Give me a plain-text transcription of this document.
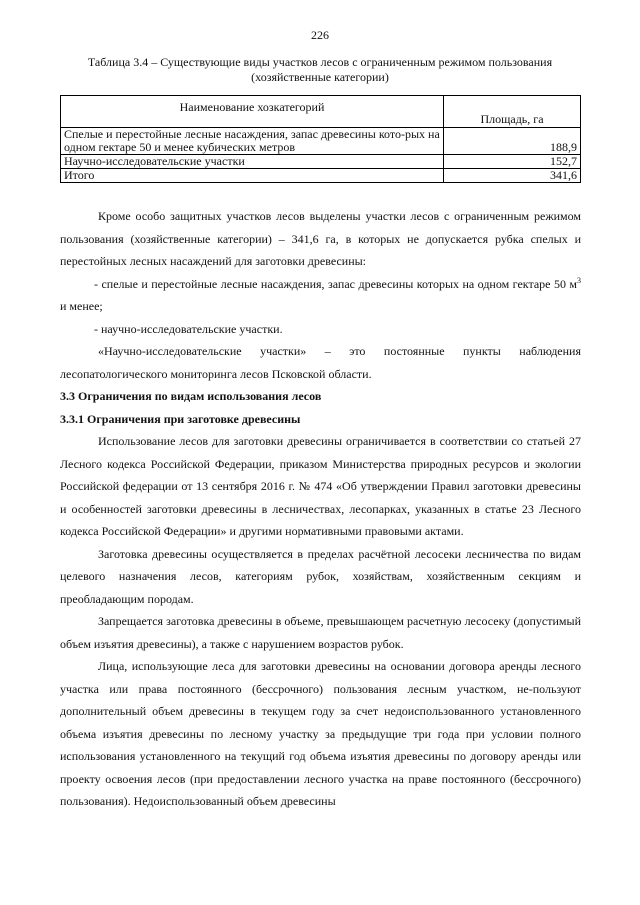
226
Таблица 3.4 – Существующие виды участков лесов с ограниченным режимом пользования (хозяйственные категории)
Наименование хозкатегорий	Площадь, га
Спелые и перестойные лесные насаждения, запас древесины кото-рых на одном гектаре 50 и менее кубических метров	188,9
Научно-исследовательские участки	152,7
Итого	341,6

Кроме особо защитных участков лесов выделены участки лесов с ограниченным режимом пользования (хозяйственные категории) – 341,6 га, в которых не допускается рубка спелых и перестойных лесных насаждений для заготовки древесины:

- спелые и перестойные лесные насаждения, запас древесины которых на одном гектаре 50 $м^3$ и менее;

- научно-исследовательские участки.

«Научно-исследовательские участки» – это постоянные пункты наблюдения лесопатологического мониторинга лесов Псковской области.

3.3 Ограничения по видам использования лесов

3.3.1 Ограничения при заготовке древесины

Использование лесов для заготовки древесины ограничивается в соответствии со статьей 27 Лесного кодекса Российской Федерации, приказом Министерства природных ресурсов и экологии Российской федерации от 13 сентября 2016 г. № 474 «Об утверждении Правил заготовки древесины и особенностей заготовки древесины в лесничествах, лесопарках, указанных в статье 23 Лесного кодекса Российской Федерации» и другими нормативными правовыми актами.

Заготовка древесины осуществляется в пределах расчётной лесосеки лесничества по видам целевого назначения лесов, категориям рубок, хозяйствам, хозяйственным секциям и преобладающим породам.

Запрещается заготовка древесины в объеме, превышающем расчетную лесосеку (допустимый объем изъятия древесины), а также с нарушением возрастов рубок.

Лица, использующие леса для заготовки древесины на основании договора аренды лесного участка или права постоянного (бессрочного) пользования лесным участком, не-пользуют дополнительный объем древесины в текущем году за счет недоиспользованного установленного объема изъятия древесины по лесному участку за предыдущие три года при условии полного использования установленного на текущий год объема изъятия древесины по договору аренды или проекту освоения лесов (при предоставлении лесного участка на праве постоянного (бессрочного) пользования). Недоиспользованный объем древесины
